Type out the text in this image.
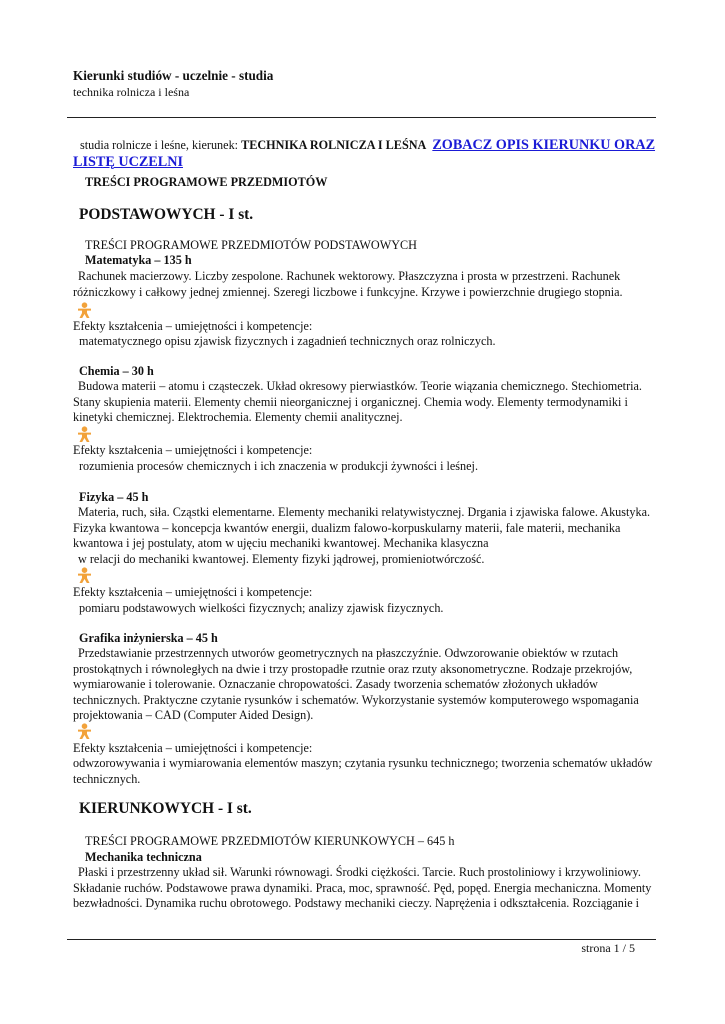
Kierunki studiów - uczelnie - studia
technika rolnicza i leśna
studia rolnicze i leśne, kierunek: TECHNIKA ROLNICZA I LEŚNA ZOBACZ OPIS KIERUNKU ORAZ
LISTĘ UCZELNI
TREŚCI PROGRAMOWE PRZEDMIOTÓW
PODSTAWOWYCH - I st.
TREŚCI PROGRAMOWE PRZEDMIOTÓW PODSTAWOWYCH
Matematyka – 135 h
Rachunek macierzowy. Liczby zespolone. Rachunek wektorowy. Płaszczyzna i prosta w przestrzeni. Rachunek
różniczkowy i całkowy jednej zmiennej. Szeregi liczbowe i funkcyjne. Krzywe i powierzchnie drugiego stopnia.
Efekty kształcenia – umiejętności i kompetencje:
matematycznego opisu zjawisk fizycznych i zagadnień technicznych oraz rolniczych.
Chemia – 30 h
Budowa materii – atomu i cząsteczek. Układ okresowy pierwiastków. Teorie wiązania chemicznego. Stechiometria.
Stany skupienia materii. Elementy chemii nieorganicznej i organicznej. Chemia wody. Elementy termodynamiki i
kinetyki chemicznej. Elektrochemia. Elementy chemii analitycznej.
Efekty kształcenia – umiejętności i kompetencje:
rozumienia procesów chemicznych i ich znaczenia w produkcji żywności i leśnej.
Fizyka – 45 h
Materia, ruch, siła. Cząstki elementarne. Elementy mechaniki relatywistycznej. Drgania i zjawiska falowe. Akustyka.
Fizyka kwantowa – koncepcja kwantów energii, dualizm falowo-korpuskularny materii, fale materii, mechanika
kwantowa i jej postulaty, atom w ujęciu mechaniki kwantowej. Mechanika klasyczna
w relacji do mechaniki kwantowej. Elementy fizyki jądrowej, promieniotwórczość.
Efekty kształcenia – umiejętności i kompetencje:
pomiaru podstawowych wielkości fizycznych; analizy zjawisk fizycznych.
Grafika inżynierska – 45 h
Przedstawianie przestrzennych utworów geometrycznych na płaszczyźnie. Odwzorowanie obiektów w rzutach
prostokątnych i równoległych na dwie i trzy prostopadłe rzutnie oraz rzuty aksonometryczne. Rodzaje przekrojów,
wymiarowanie i tolerowanie. Oznaczanie chropowatości. Zasady tworzenia schematów złożonych układów
technicznych. Praktyczne czytanie rysunków i schematów. Wykorzystanie systemów komputerowego wspomagania
projektowania – CAD (Computer Aided Design).
Efekty kształcenia – umiejętności i kompetencje:
odwzorowywania i wymiarowania elementów maszyn; czytania rysunku technicznego; tworzenia schematów układów
technicznych.
KIERUNKOWYCH - I st.
TREŚCI PROGRAMOWE PRZEDMIOTÓW KIERUNKOWYCH – 645 h
Mechanika techniczna
Płaski i przestrzenny układ sił. Warunki równowagi. Środki ciężkości. Tarcie. Ruch prostoliniowy i krzywoliniowy.
Składanie ruchów. Podstawowe prawa dynamiki. Praca, moc, sprawność. Pęd, popęd. Energia mechaniczna. Momenty
bezwładności. Dynamika ruchu obrotowego. Podstawy mechaniki cieczy. Naprężenia i odkształcenia. Rozciąganie i
strona 1 / 5
